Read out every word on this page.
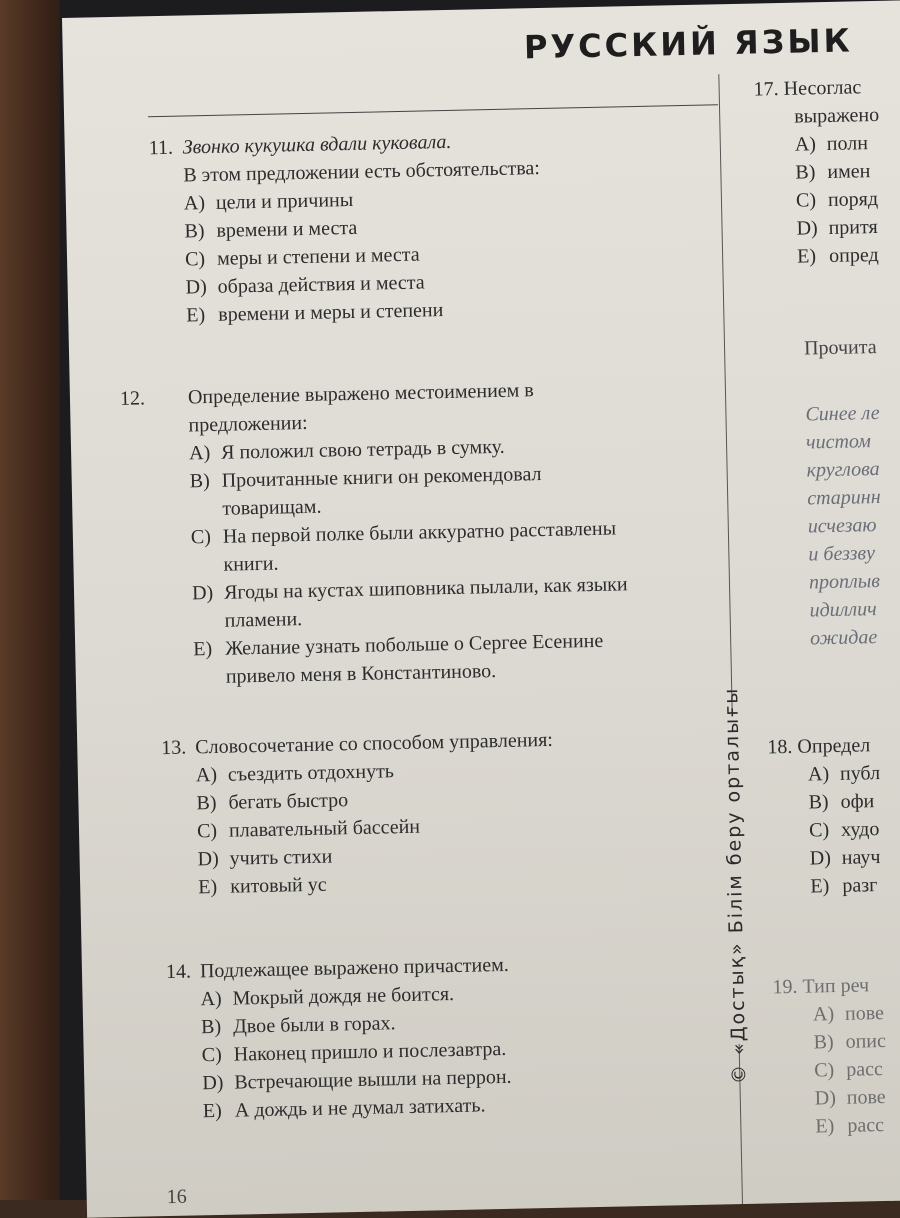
РУССКИЙ ЯЗЫК
© «Достық» Білім беру орталығы
11. Звонко кукушка вдали куковала.
В этом предложении есть обстоятельства:
A) цели и причины
B) времени и места
C) меры и степени и места
D) образа действия и места
E) времени и меры и степени
12. Определение выражено местоимением в предложении:
A) Я положил свою тетрадь в сумку.
B) Прочитанные книги он рекомендовал товарищам.
C) На первой полке были аккуратно расставлены книги.
D) Ягоды на кустах шиповника пылали, как языки пламени.
E) Желание узнать побольше о Сергее Есенине привело меня в Константиново.
13. Словосочетание со способом управления:
A) съездить отдохнуть
B) бегать быстро
C) плавательный бассейн
D) учить стихи
E) китовый ус
14. Подлежащее выражено причастием.
A) Мокрый дождя не боится.
B) Двое были в горах.
C) Наконец пришло и послезавтра.
D) Встречающие вышли на перрон.
E) А дождь и не думал затихать.
16
17. Несоглас
выражено
A) полн
B) имен
C) поряд
D) притя
E) опред
Прочита
Синее ле
чистом
круглова
старинн
исчезаю
и беззву
проплыв
идиллич
ожидае
18. Определ
A) публ
B) офи
C) худо
D) науч
E) разг
19. Тип реч
A) пове
B) опис
C) расс
D) пове
E) расс
